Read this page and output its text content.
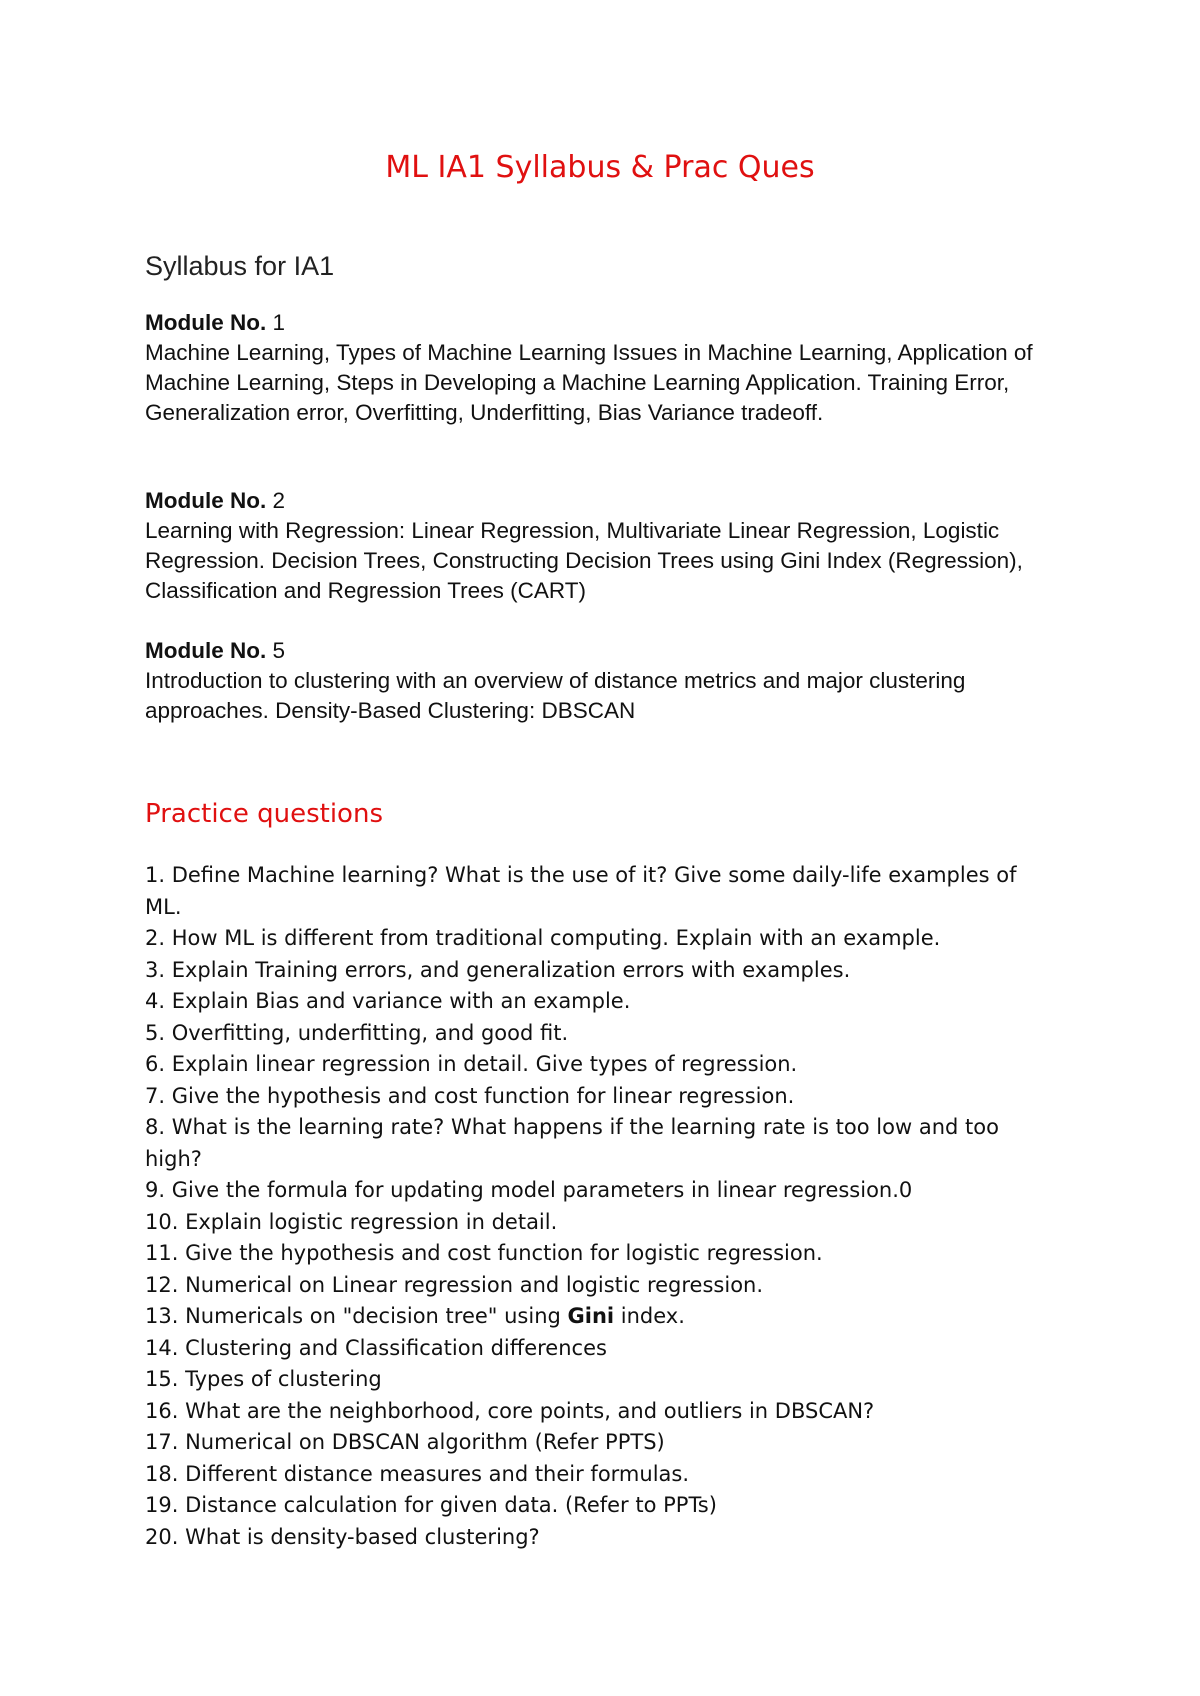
ML IA1 Syllabus & Prac Ques
Syllabus for IA1
Module No. 1
Machine Learning, Types of Machine Learning Issues in Machine Learning, Application of Machine Learning, Steps in Developing a Machine Learning Application. Training Error, Generalization error, Overfitting, Underfitting, Bias Variance tradeoff.
Module No. 2
Learning with Regression: Linear Regression, Multivariate Linear Regression, Logistic Regression. Decision Trees, Constructing Decision Trees using Gini Index (Regression), Classification and Regression Trees (CART)
Module No. 5
Introduction to clustering with an overview of distance metrics and major clustering approaches. Density-Based Clustering: DBSCAN
Practice questions
1. Define Machine learning? What is the use of it? Give some daily-life examples of ML.
2. How ML is different from traditional computing. Explain with an example.
3. Explain Training errors, and generalization errors with examples.
4. Explain Bias and variance with an example.
5. Overfitting, underfitting, and good fit.
6. Explain linear regression in detail. Give types of regression.
7. Give the hypothesis and cost function for linear regression.
8. What is the learning rate? What happens if the learning rate is too low and too high?
9. Give the formula for updating model parameters in linear regression.0
10. Explain logistic regression in detail.
11. Give the hypothesis and cost function for logistic regression.
12. Numerical on Linear regression and logistic regression.
13. Numericals on "decision tree" using Gini index.
14. Clustering and Classification differences
15. Types of clustering
16. What are the neighborhood, core points, and outliers in DBSCAN?
17. Numerical on DBSCAN algorithm (Refer PPTS)
18. Different distance measures and their formulas.
19. Distance calculation for given data. (Refer to PPTs)
20. What is density-based clustering?
